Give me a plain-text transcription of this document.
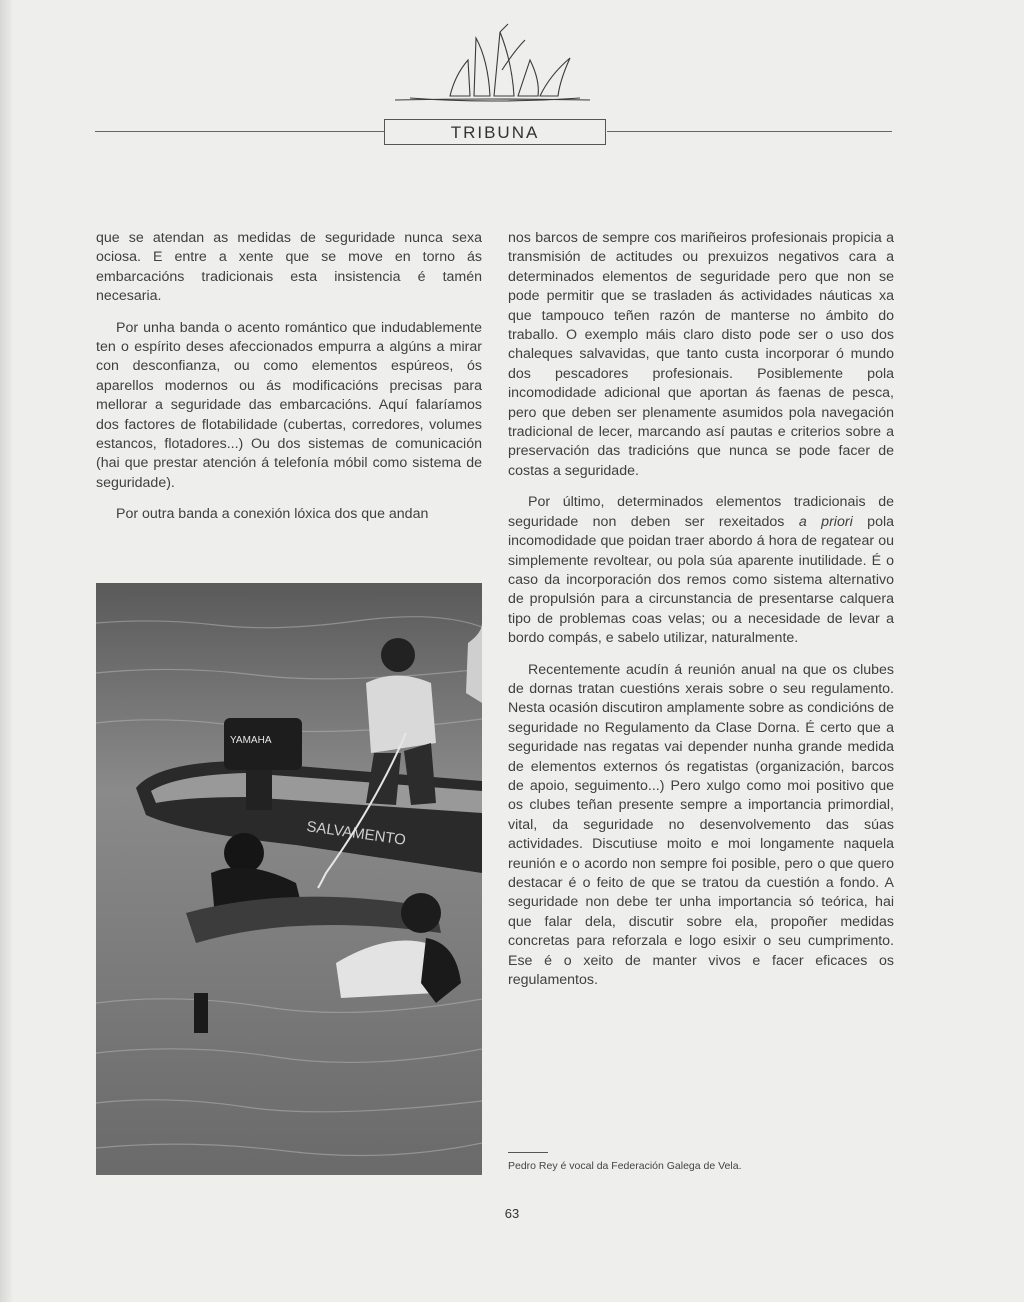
TRIBUNA

que se atendan as medidas de seguridade nunca sexa ociosa. E entre a xente que se move en torno ás embarcacións tradicionais esta insistencia é tamén necesaria.

Por unha banda o acento romántico que indudablemente ten o espírito deses afeccionados empurra a algúns a mirar con desconfianza, ou como elementos espúreos, ós aparellos modernos ou ás modificacións precisas para mellorar a seguridade das embarcacións. Aquí falaríamos dos factores de flotabilidade (cubertas, corredores, volumes estancos, flotadores...) Ou dos sistemas de comunicación (hai que prestar atención á telefonía móbil como sistema de seguridade).

Por outra banda a conexión lóxica dos que andan

SALVAMENTO
YAMAHA

nos barcos de sempre cos mariñeiros profesionais propicia a transmisión de actitudes ou prexuizos negativos cara a determinados elementos de seguridade pero que non se pode permitir que se trasladen ás actividades náuticas xa que tampouco teñen razón de manterse no ámbito do traballo. O exemplo máis claro disto pode ser o uso dos chaleques salvavidas, que tanto custa incorporar ó mundo dos pescadores profesionais. Posiblemente pola incomodidade adicional que aportan ás faenas de pesca, pero que deben ser plenamente asumidos pola navegación tradicional de lecer, marcando así pautas e criterios sobre a preservación das tradicións que nunca se pode facer de costas a seguridade.

Por último, determinados elementos tradicionais de seguridade non deben ser rexeitados a priori pola incomodidade que poidan traer abordo á hora de regatear ou simplemente revoltear, ou pola súa aparente inutilidade. É o caso da incorporación dos remos como sistema alternativo de propulsión para a circunstancia de presentarse calquera tipo de problemas coas velas; ou a necesidade de levar a bordo compás, e sabelo utilizar, naturalmente.

Recentemente acudín á reunión anual na que os clubes de dornas tratan cuestións xerais sobre o seu regulamento. Nesta ocasión discutiron amplamente sobre as condicións de seguridade no Regulamento da Clase Dorna. É certo que a seguridade nas regatas vai depender nunha grande medida de elementos externos ós regatistas (organización, barcos de apoio, seguimento...) Pero xulgo como moi positivo que os clubes teñan presente sempre a importancia primordial, vital, da seguridade no desenvolvemento das súas actividades. Discutiuse moito e moi longamente naquela reunión e o acordo non sempre foi posible, pero o que quero destacar é o feito de que se tratou da cuestión a fondo. A seguridade non debe ter unha importancia só teórica, hai que falar dela, discutir sobre ela, propoñer medidas concretas para reforzala e logo esixir o seu cumprimento. Ese é o xeito de manter vivos e facer eficaces os regulamentos.

Pedro Rey é vocal da Federación Galega de Vela.
63
